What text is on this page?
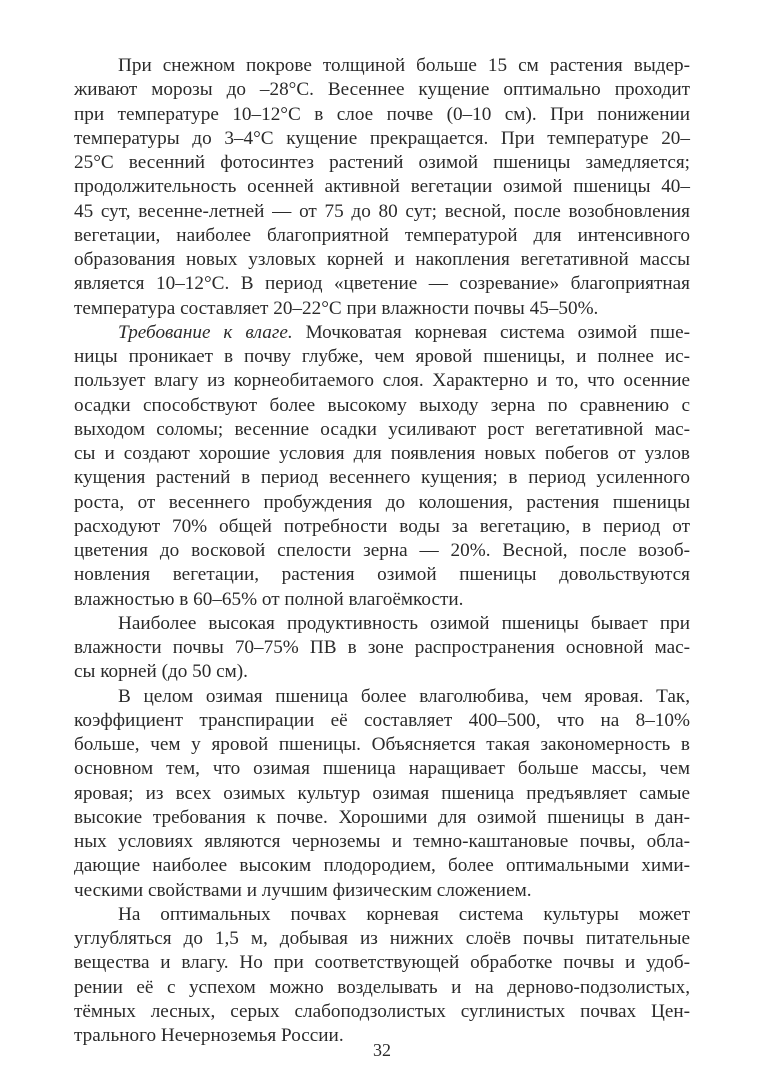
При снежном покрове толщиной больше 15 см растения выдер-
живают морозы до –28°С. Весеннее кущение оптимально проходит
при температуре 10–12°С в слое почве (0–10 см). При понижении
температуры до 3–4°С кущение прекращается. При температуре 20–
25°С весенний фотосинтез растений озимой пшеницы замедляется;
продолжительность осенней активной вегетации озимой пшеницы 40–
45 сут, весенне-летней — от 75 до 80 сут; весной, после возобновления
вегетации, наиболее благоприятной температурой для интенсивного
образования новых узловых корней и накопления вегетативной массы
является 10–12°С. В период «цветение — созревание» благоприятная
температура составляет 20–22°С при влажности почвы 45–50%.
Требование к влаге. Мочковатая корневая система озимой пше-
ницы проникает в почву глубже, чем яровой пшеницы, и полнее ис-
пользует влагу из корнеобитаемого слоя. Характерно и то, что осенние
осадки способствуют более высокому выходу зерна по сравнению с
выходом соломы; весенние осадки усиливают рост вегетативной мас-
сы и создают хорошие условия для появления новых побегов от узлов
кущения растений в период весеннего кущения; в период усиленного
роста, от весеннего пробуждения до колошения, растения пшеницы
расходуют 70% общей потребности воды за вегетацию, в период от
цветения до восковой спелости зерна — 20%. Весной, после возоб-
новления вегетации, растения озимой пшеницы довольствуются
влажностью в 60–65% от полной влагоёмкости.
Наиболее высокая продуктивность озимой пшеницы бывает при
влажности почвы 70–75% ПВ в зоне распространения основной мас-
сы корней (до 50 см).
В целом озимая пшеница более влаголюбива, чем яровая. Так,
коэффициент транспирации её составляет 400–500, что на 8–10%
больше, чем у яровой пшеницы. Объясняется такая закономерность в
основном тем, что озимая пшеница наращивает больше массы, чем
яровая; из всех озимых культур озимая пшеница предъявляет самые
высокие требования к почве. Хорошими для озимой пшеницы в дан-
ных условиях являются черноземы и темно-каштановые почвы, обла-
дающие наиболее высоким плодородием, более оптимальными хими-
ческими свойствами и лучшим физическим сложением.
На оптимальных почвах корневая система культуры может
углубляться до 1,5 м, добывая из нижних слоёв почвы питательные
вещества и влагу. Но при соответствующей обработке почвы и удоб-
рении её с успехом можно возделывать и на дерново-подзолистых,
тёмных лесных, серых слабоподзолистых суглинистых почвах Цен-
трального Нечерноземья России.
32
